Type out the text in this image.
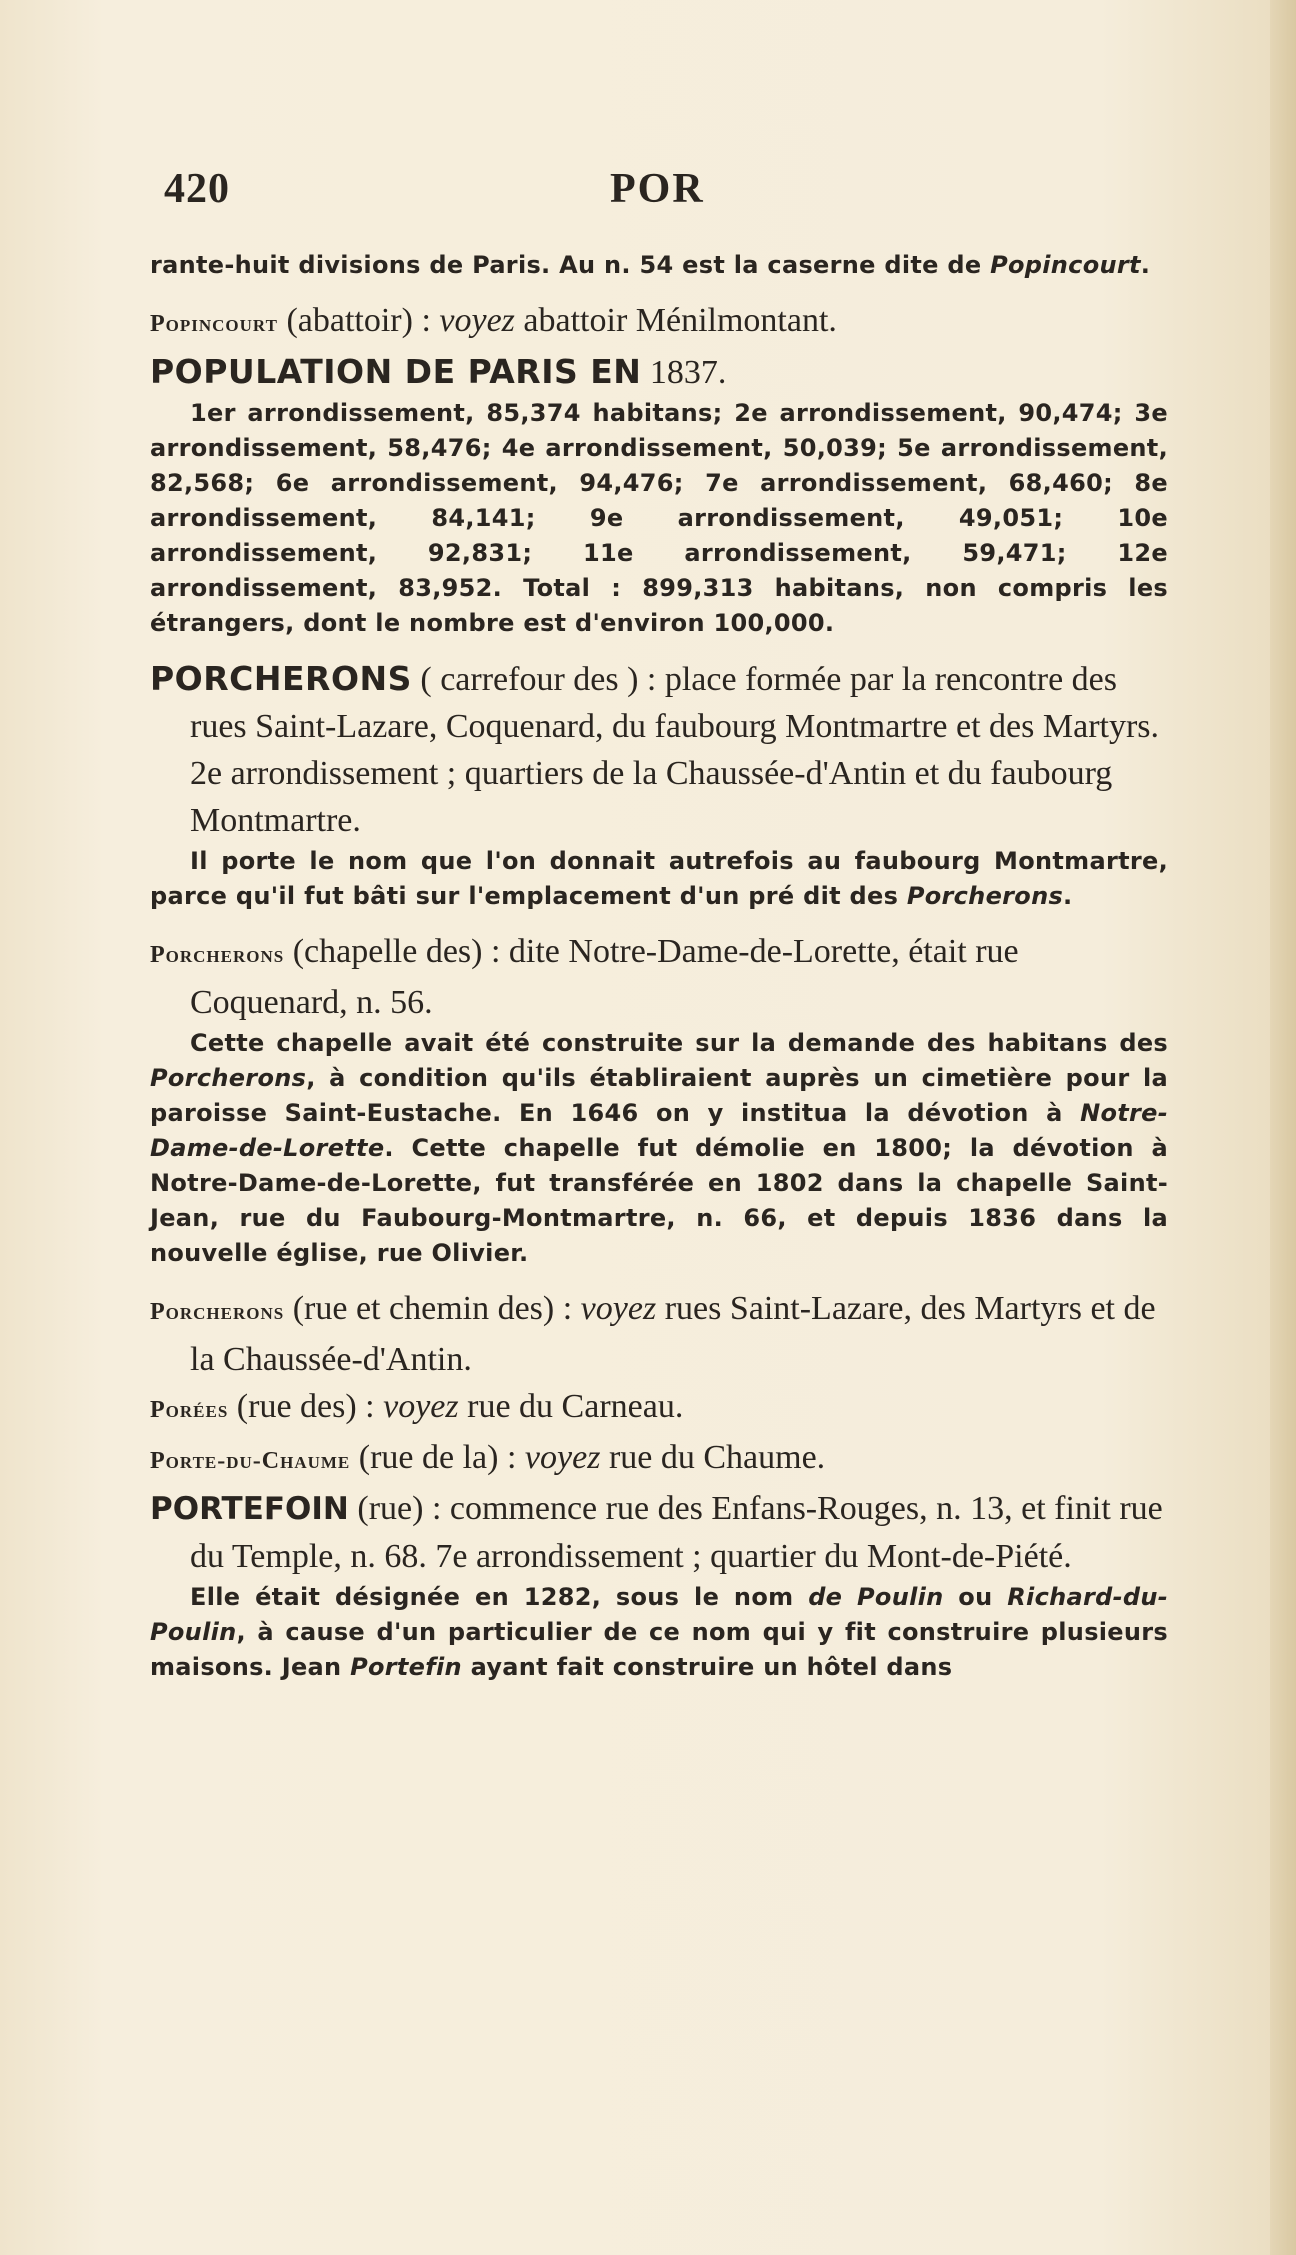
420	POR

rante-huit divisions de Paris. Au n. 54 est la caserne dite de Popincourt.

Popincourt (abattoir) : voyez abattoir Ménilmontant.

POPULATION DE PARIS EN 1837.

1er arrondissement, 85,374 habitans; 2e arrondissement, 90,474; 3e arrondissement, 58,476; 4e arrondissement, 50,039; 5e arrondissement, 82,568; 6e arrondissement, 94,476; 7e arrondissement, 68,460; 8e arrondissement, 84,141; 9e arrondissement, 49,051; 10e arrondissement, 92,831; 11e arrondissement, 59,471; 12e arrondissement, 83,952. Total : 899,313 habitans, non compris les étrangers, dont le nombre est d'environ 100,000.

PORCHERONS ( carrefour des ) : place formée par la rencontre des rues Saint-Lazare, Coquenard, du faubourg Montmartre et des Martyrs. 2e arrondissement ; quartiers de la Chaussée-d'Antin et du faubourg Montmartre.

Il porte le nom que l'on donnait autrefois au faubourg Montmartre, parce qu'il fut bâti sur l'emplacement d'un pré dit des Porcherons.

Porcherons (chapelle des) : dite Notre-Dame-de-Lorette, était rue Coquenard, n. 56.

Cette chapelle avait été construite sur la demande des habitans des Porcherons, à condition qu'ils établiraient auprès un cimetière pour la paroisse Saint-Eustache. En 1646 on y institua la dévotion à Notre-Dame-de-Lorette. Cette chapelle fut démolie en 1800; la dévotion à Notre-Dame-de-Lorette, fut transférée en 1802 dans la chapelle Saint-Jean, rue du Faubourg-Montmartre, n. 66, et depuis 1836 dans la nouvelle église, rue Olivier.

Porcherons (rue et chemin des) : voyez rues Saint-Lazare, des Martyrs et de la Chaussée-d'Antin.

Porées (rue des) : voyez rue du Carneau.

Porte-du-Chaume (rue de la) : voyez rue du Chaume.

PORTEFOIN (rue) : commence rue des Enfans-Rouges, n. 13, et finit rue du Temple, n. 68. 7e arrondissement ; quartier du Mont-de-Piété.

Elle était désignée en 1282, sous le nom de Poulin ou Richard-du-Poulin, à cause d'un particulier de ce nom qui y fit construire plusieurs maisons. Jean Portefin ayant fait construire un hôtel dans
